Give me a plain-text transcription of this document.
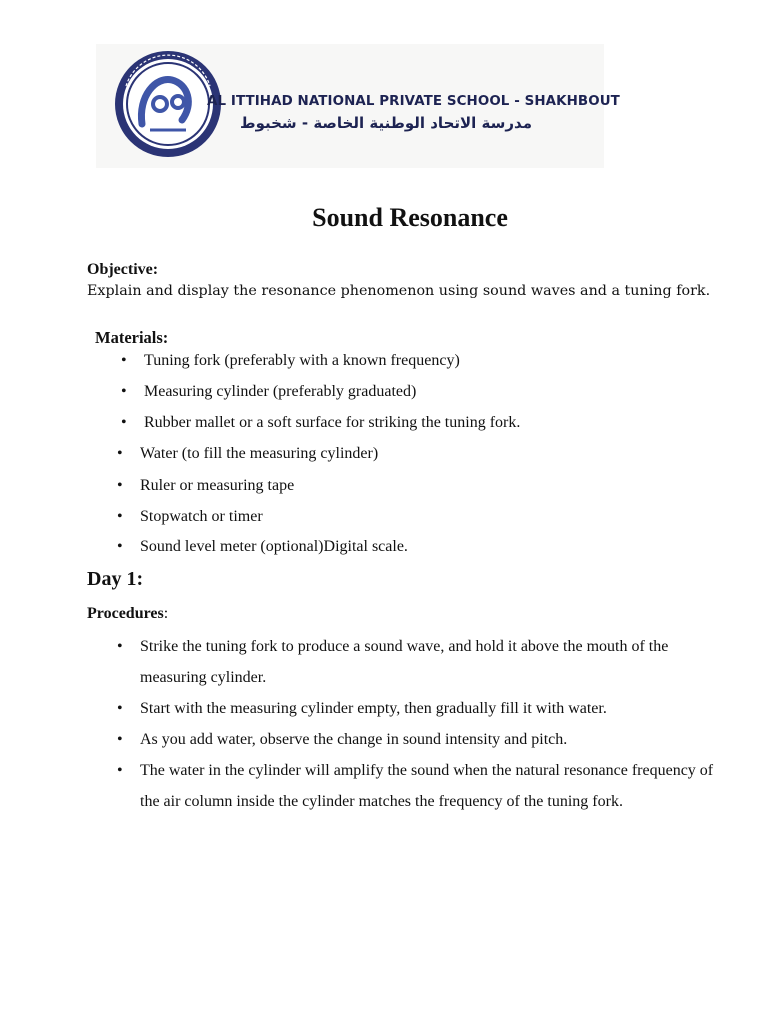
AL ITTIHAD NATIONAL PRIVATE SCHOOL - SHAKHBOUT
مدرسة الاتحاد الوطنية الخاصة - شخبوط
Sound Resonance
Objective:
Explain and display the resonance phenomenon using sound waves and a tuning fork.
Materials:
• Tuning fork (preferably with a known frequency)
• Measuring cylinder (preferably graduated)
• Rubber mallet or a soft surface for striking the tuning fork.
• Water (to fill the measuring cylinder)
• Ruler or measuring tape
• Stopwatch or timer
• Sound level meter (optional)Digital scale.
Day 1:
Procedures:
• Strike the tuning fork to produce a sound wave, and hold it above the mouth of the measuring cylinder.
• Start with the measuring cylinder empty, then gradually fill it with water.
• As you add water, observe the change in sound intensity and pitch.
• The water in the cylinder will amplify the sound when the natural resonance frequency of the air column inside the cylinder matches the frequency of the tuning fork.
